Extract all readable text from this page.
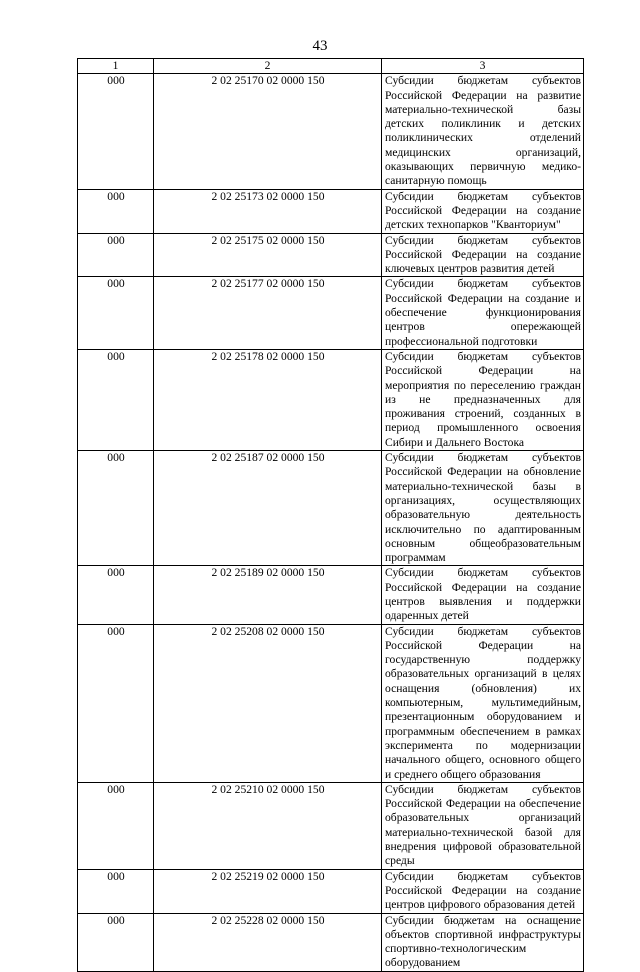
43
1	2	3
000	2 02 25170 02 0000 150	Субсидии бюджетам субъектов Российской Федерации на развитие материально-технической базы детских поликлиник и детских поликлинических отделений медицинских организаций, оказывающих первичную медико-санитарную помощь
000	2 02 25173 02 0000 150	Субсидии бюджетам субъектов Российской Федерации на создание детских технопарков "Кванториум"
000	2 02 25175 02 0000 150	Субсидии бюджетам субъектов Российской Федерации на создание ключевых центров развития детей
000	2 02 25177 02 0000 150	Субсидии бюджетам субъектов Российской Федерации на создание и обеспечение функционирования центров опережающей профессиональной подготовки
000	2 02 25178 02 0000 150	Субсидии бюджетам субъектов Российской Федерации на мероприятия по переселению граждан из не предназначенных для проживания строений, созданных в период промышленного освоения Сибири и Дальнего Востока
000	2 02 25187 02 0000 150	Субсидии бюджетам субъектов Российской Федерации на обновление материально-технической базы в организациях, осуществляющих образовательную деятельность исключительно по адаптированным основным общеобразовательным программам
000	2 02 25189 02 0000 150	Субсидии бюджетам субъектов Российской Федерации на создание центров выявления и поддержки одаренных детей
000	2 02 25208 02 0000 150	Субсидии бюджетам субъектов Российской Федерации на государственную поддержку образовательных организаций в целях оснащения (обновления) их компьютерным, мультимедийным, презентационным оборудованием и программным обеспечением в рамках эксперимента по модернизации начального общего, основного общего и среднего общего образования
000	2 02 25210 02 0000 150	Субсидии бюджетам субъектов Российской Федерации на обеспечение образовательных организаций материально-технической базой для внедрения цифровой образовательной среды
000	2 02 25219 02 0000 150	Субсидии бюджетам субъектов Российской Федерации на создание центров цифрового образования детей
000	2 02 25228 02 0000 150	Субсидии бюджетам на оснащение объектов спортивной инфраструктуры спортивно-технологическим оборудованием
